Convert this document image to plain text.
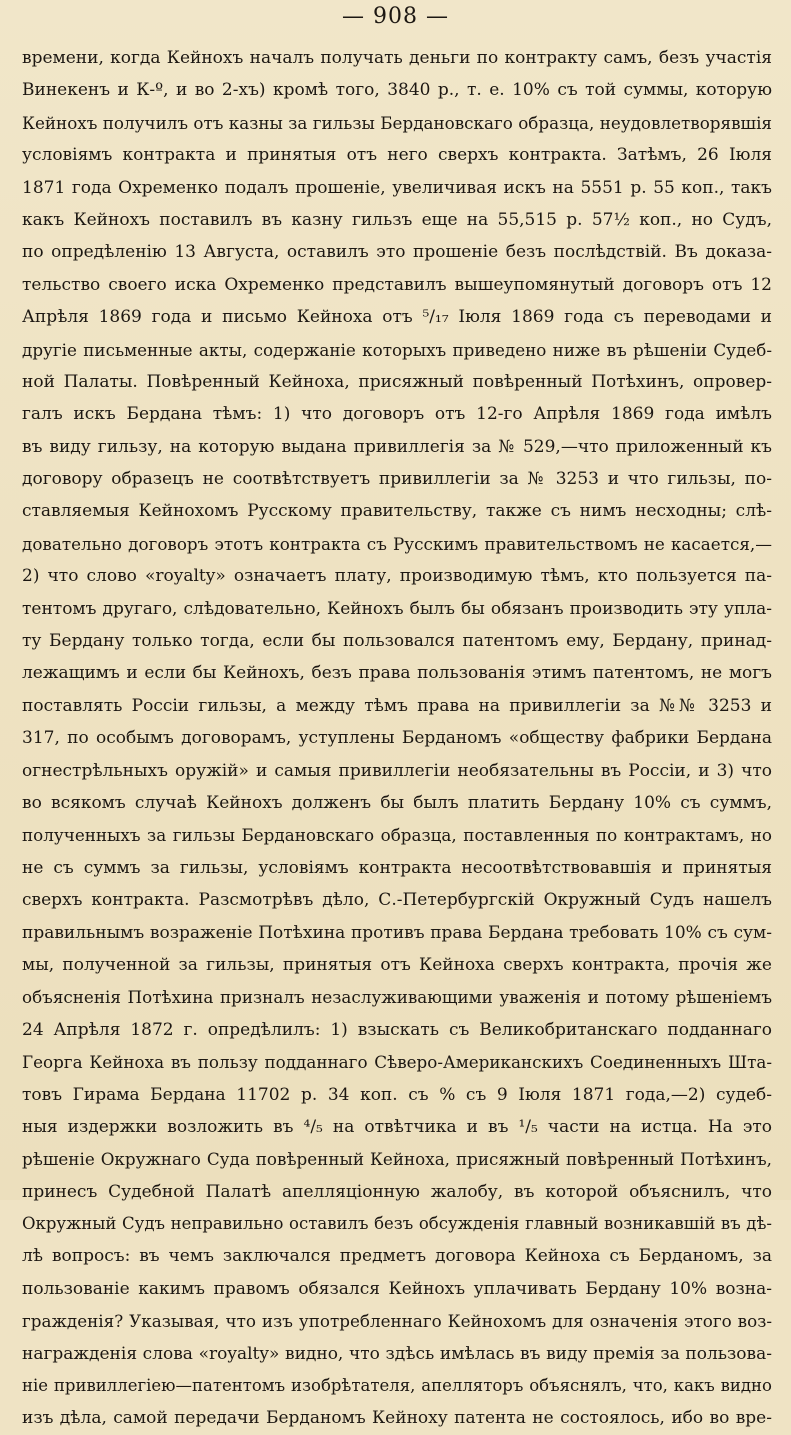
— 908 —
времени, когда Кейнохъ началъ получать деньги по контракту самъ, безъ участія
Винекенъ и К-º, и во 2-хъ) кромѣ того, 3840 р., т. е. 10% съ той суммы, которую
Кейнохъ получилъ отъ казны за гильзы Бердановскаго образца, неудовлетворявшія
условіямъ контракта и принятыя отъ него сверхъ контракта. Затѣмъ, 26 Іюля
1871 года Охременко подалъ прошеніе, увеличивая искъ на 5551 р. 55 коп., такъ
какъ Кейнохъ поставилъ въ казну гильзъ еще на 55,515 р. 57½ коп., но Судъ,
по опредѣленію 13 Августа, оставилъ это прошеніе безъ послѣдствій. Въ доказа-
тельство своего иска Охременко представилъ вышеупомянутый договоръ отъ 12
Апрѣля 1869 года и письмо Кейноха отъ ⁵/₁₇ Іюля 1869 года съ переводами и
другіе письменные акты, содержаніе которыхъ приведено ниже въ рѣшеніи Судеб-
ной Палаты. Повѣренный Кейноха, присяжный повѣренный Потѣхинъ, опровер-
галъ искъ Бердана тѣмъ: 1) что договоръ отъ 12-го Апрѣля 1869 года имѣлъ
въ виду гильзу, на которую выдана привиллегія за № 529,—что приложенный къ
договору образецъ не соотвѣтствуетъ привиллегіи за № 3253 и что гильзы, по-
ставляемыя Кейнохомъ Русскому правительству, также съ нимъ несходны; слѣ-
довательно договоръ этотъ контракта съ Русскимъ правительствомъ не касается,—
2) что слово «royalty» означаетъ плату, производимую тѣмъ, кто пользуется па-
тентомъ другаго, слѣдовательно, Кейнохъ былъ бы обязанъ производить эту упла-
ту Бердану только тогда, если бы пользовался патентомъ ему, Бердану, принад-
лежащимъ и если бы Кейнохъ, безъ права пользованія этимъ патентомъ, не могъ
поставлять Россіи гильзы, а между тѣмъ права на привиллегіи за №№ 3253 и
317, по особымъ договорамъ, уступлены Берданомъ «обществу фабрики Бердана
огнестрѣльныхъ оружій» и самыя привиллегіи необязательны въ Россіи, и 3) что
во всякомъ случаѣ Кейнохъ долженъ бы былъ платить Бердану 10% съ суммъ,
полученныхъ за гильзы Бердановскаго образца, поставленныя по контрактамъ, но
не съ суммъ за гильзы, условіямъ контракта несоотвѣтствовавшія и принятыя
сверхъ контракта. Разсмотрѣвъ дѣло, С.-Петербургскій Окружный Судъ нашелъ
правильнымъ возраженіе Потѣхина противъ права Бердана требовать 10% съ сум-
мы, полученной за гильзы, принятыя отъ Кейноха сверхъ контракта, прочія же
объясненія Потѣхина призналъ незаслуживающими уваженія и потому рѣшеніемъ
24 Апрѣля 1872 г. опредѣлилъ: 1) взыскать съ Великобританскаго подданнаго
Георга Кейноха въ пользу подданнаго Сѣверо-Американскихъ Соединенныхъ Шта-
товъ Гирама Бердана 11702 р. 34 коп. съ % съ 9 Іюля 1871 года,—2) судеб-
ныя издержки возложить въ ⁴/₅ на отвѣтчика и въ ¹/₅ части на истца. На это
рѣшеніе Окружнаго Суда повѣренный Кейноха, присяжный повѣренный Потѣхинъ,
принесъ Судебной Палатѣ апелляціонную жалобу, въ которой объяснилъ, что
Окружный Судъ неправильно оставилъ безъ обсужденія главный возникавшій въ дѣ-
лѣ вопросъ: въ чемъ заключался предметъ договора Кейноха съ Берданомъ, за
пользованіе какимъ правомъ обязался Кейнохъ уплачивать Бердану 10% возна-
гражденія? Указывая, что изъ употребленнаго Кейнохомъ для означенія этого воз-
награжденія слова «royalty» видно, что здѣсь имѣлась въ виду премія за пользова-
ніе привиллегіею—патентомъ изобрѣтателя, апелляторъ объяснялъ, что, какъ видно
изъ дѣла, самой передачи Берданомъ Кейноху патента не состоялось, ибо во вре-
